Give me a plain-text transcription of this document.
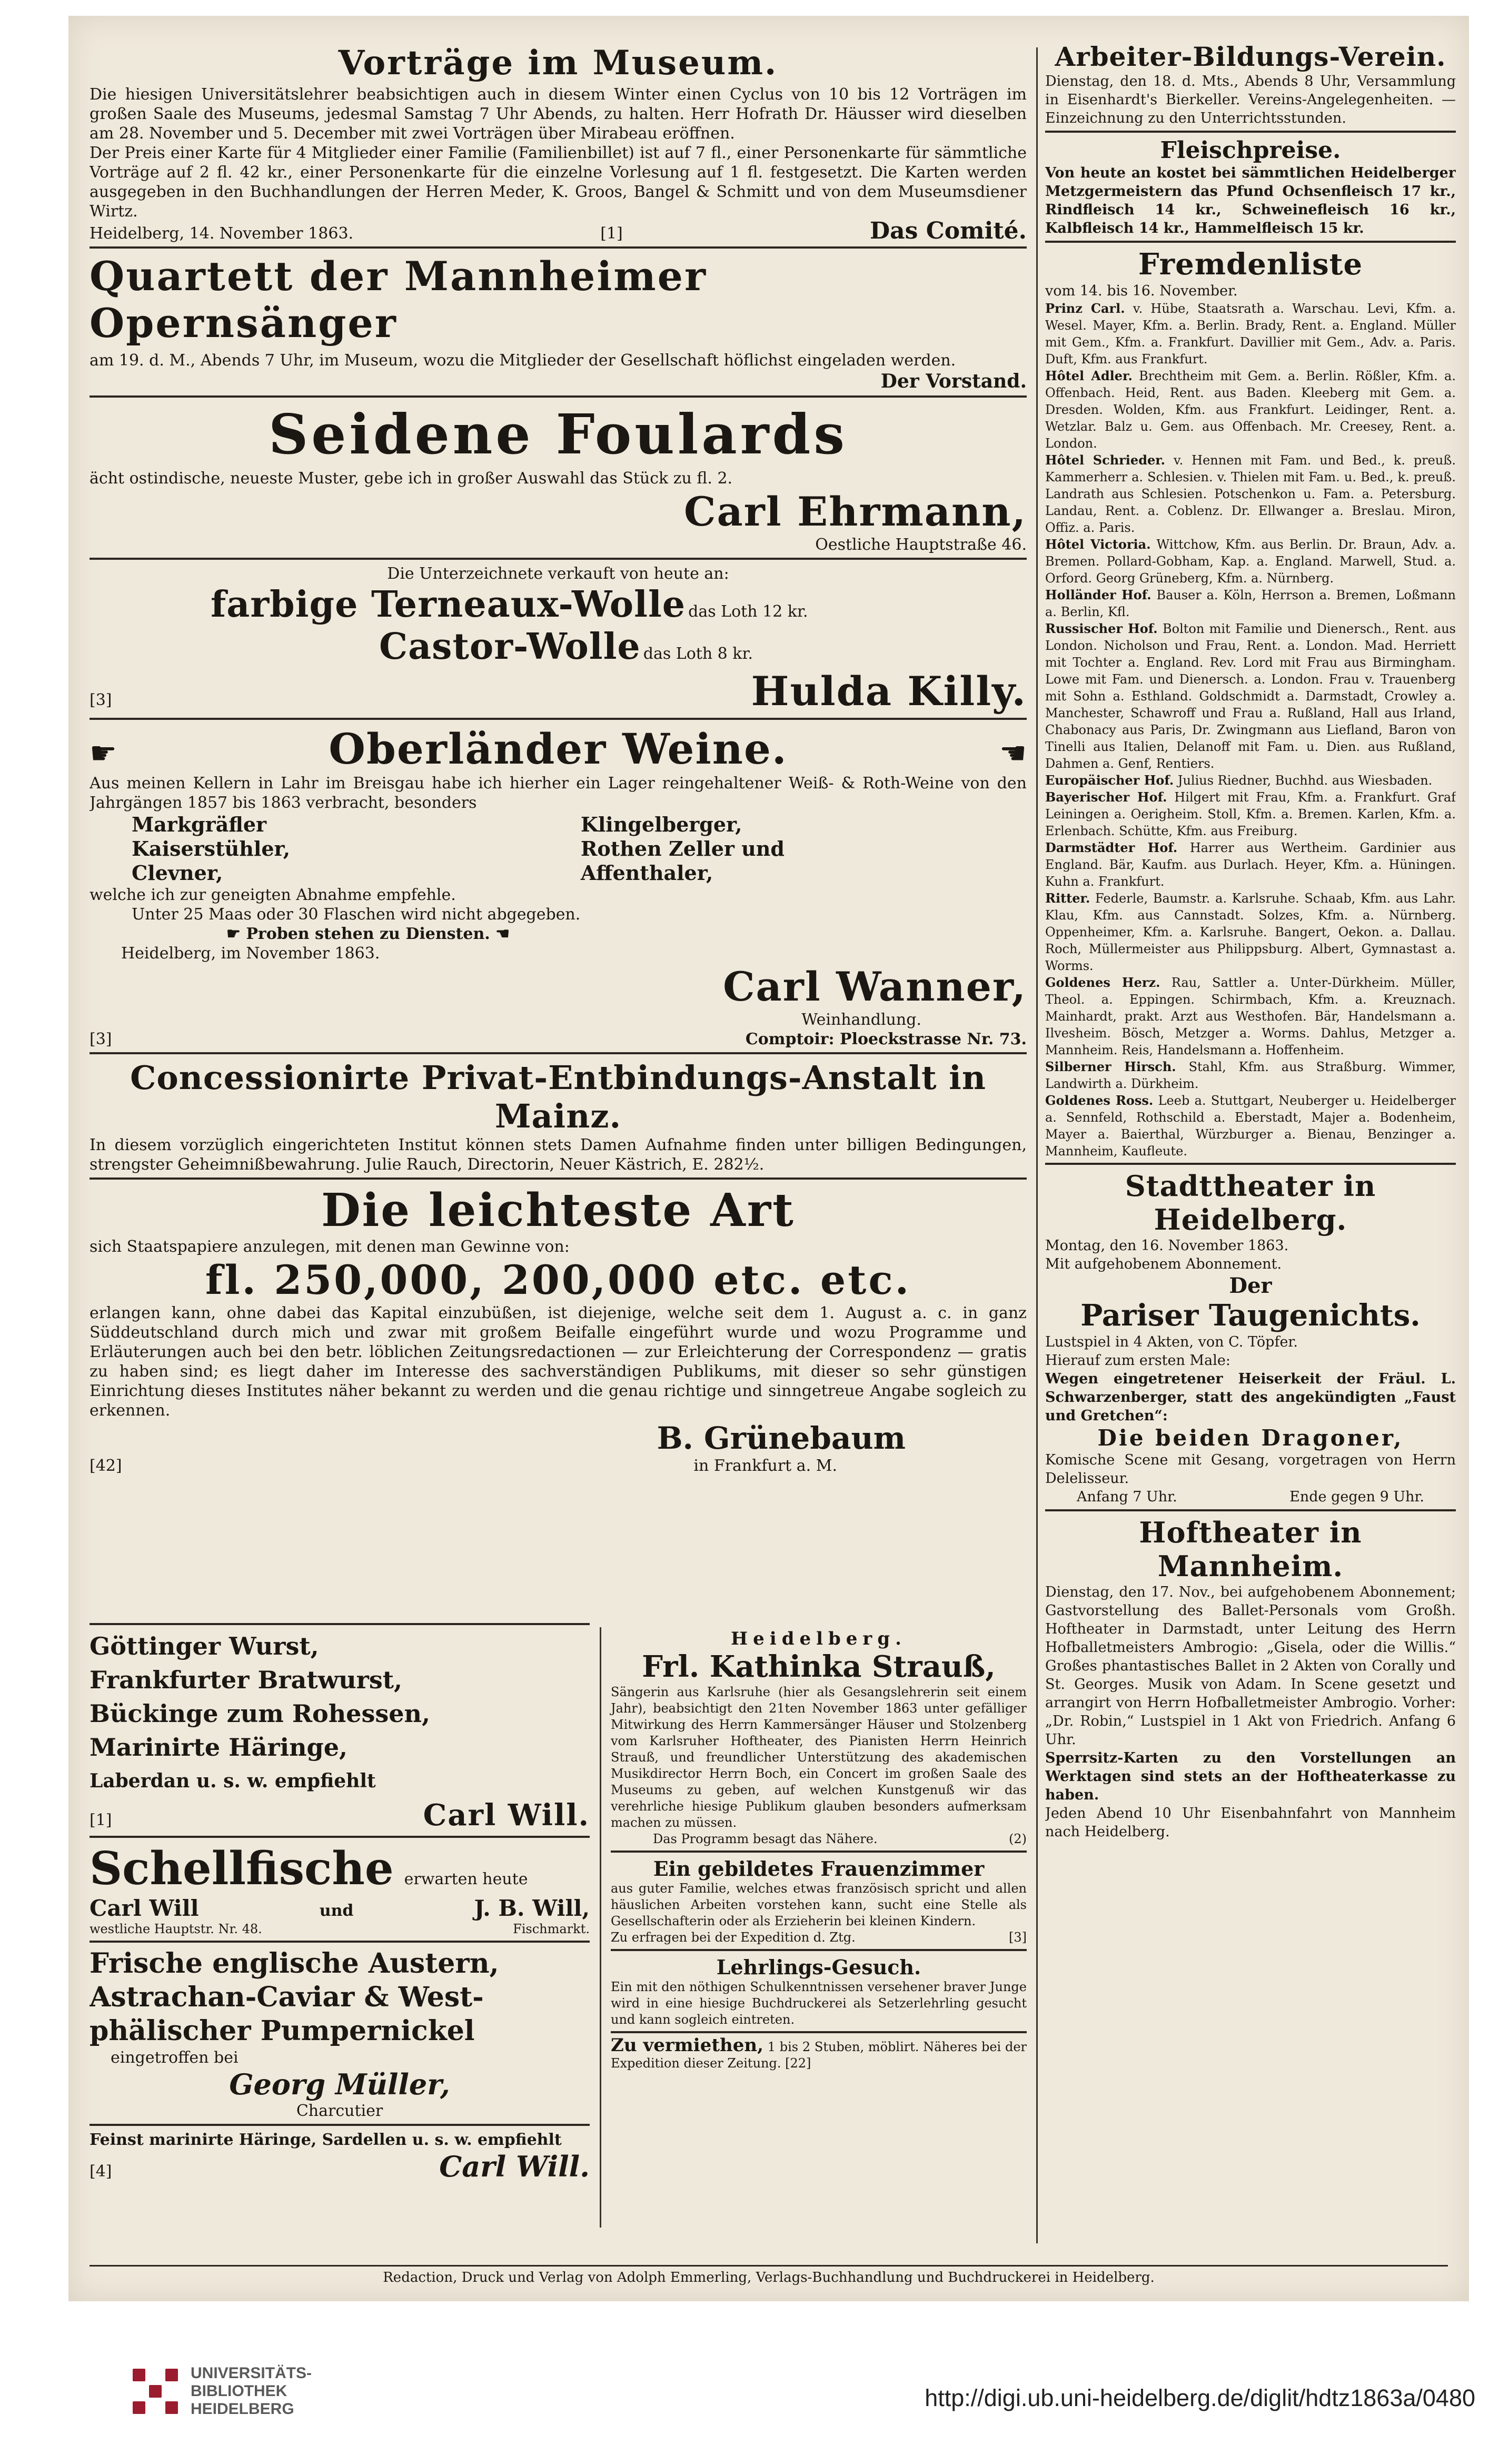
Vorträge im Museum.

Die hiesigen Universitätslehrer beabsichtigen auch in diesem Winter einen Cyclus von 10 bis 12 Vorträgen im großen Saale des Museums, jedesmal Samstag 7 Uhr Abends, zu halten. Herr Hofrath Dr. Häusser wird dieselben am 28. November und 5. December mit zwei Vorträgen über Mirabeau eröffnen.

Der Preis einer Karte für 4 Mitglieder einer Familie (Familienbillet) ist auf 7 fl., einer Personenkarte für sämmtliche Vorträge auf 2 fl. 42 kr., einer Personenkarte für die einzelne Vorlesung auf 1 fl. festgesetzt. Die Karten werden ausgegeben in den Buchhandlungen der Herren Meder, K. Groos, Bangel & Schmitt und von dem Museumsdiener Wirtz.

Heidelberg, 14. November 1863.	[1]	Das Comité.
Quartett der Mannheimer Opernsänger

am 19. d. M., Abends 7 Uhr, im Museum, wozu die Mitglieder der Gesellschaft höflichst eingeladen werden.

Der Vorstand.

Seidene Foulards

ächt ostindische, neueste Muster, gebe ich in großer Auswahl das Stück zu fl. 2.

Carl Ehrmann,

Oestliche Hauptstraße 46.

Die Unterzeichnete verkauft von heute an:

farbige Terneaux-Wolle das Loth 12 kr.
Castor-Wolle das Loth 8 kr.
[3]	Hulda Killy.
☛	Oberländer Weine.	☚

Aus meinen Kellern in Lahr im Breisgau habe ich hierher ein Lager reingehaltener Weiß- & Roth-Weine von den Jahrgängen 1857 bis 1863 verbracht, besonders

Markgräfler
Kaiserstühler,
Clevner,
Klingelberger,
Rothen Zeller und
Affenthaler,

welche ich zur geneigten Abnahme empfehle.

Unter 25 Maas oder 30 Flaschen wird nicht abgegeben.

☛ Proben stehen zu Diensten. ☚

Heidelberg, im November 1863.

Carl Wanner,

Weinhandlung.

[3]	Comptoir: Ploeckstrasse Nr. 73.
Concessionirte Privat-Entbindungs-Anstalt in Mainz.

In diesem vorzüglich eingerichteten Institut können stets Damen Aufnahme finden unter billigen Bedingungen, strengster Geheimnißbewahrung. Julie Rauch, Directorin, Neuer Kästrich, E. 282½.

Die leichteste Art

sich Staatspapiere anzulegen, mit denen man Gewinne von:

fl. 250,000, 200,000 etc. etc.

erlangen kann, ohne dabei das Kapital einzubüßen, ist diejenige, welche seit dem 1. August a. c. in ganz Süddeutschland durch mich und zwar mit großem Beifalle eingeführt wurde und wozu Programme und Erläuterungen auch bei den betr. löblichen Zeitungsredactionen — zur Erleichterung der Correspondenz — gratis zu haben sind; es liegt daher im Interesse des sachverständigen Publikums, mit dieser so sehr günstigen Einrichtung dieses Institutes näher bekannt zu werden und die genau richtige und sinngetreue Angabe sogleich zu erkennen.

B. Grünebaum

[42]	in Frankfurt a. M.
Göttinger Wurst,
Frankfurter Bratwurst,
Bückinge zum Rohessen,
Marinirte Häringe,
Laberdan u. s. w. empfiehlt
[1]	Carl Will.
Schellfische erwarten heute
Carl Will	und	J. B. Will,
westliche Hauptstr. Nr. 48.	Fischmarkt.
Frische englische Austern,
Astrachan-Caviar & West-
phälischer Pumpernickel

eingetroffen bei

Georg Müller,

Charcutier

Feinst marinirte Häringe, Sardellen u. s. w. empfiehlt

[4]	Carl Will.

Heidelberg.

Frl. Kathinka Strauß,

Sängerin aus Karlsruhe (hier als Gesangslehrerin seit einem Jahr), beabsichtigt den 21ten November 1863 unter gefälliger Mitwirkung des Herrn Kammersänger Häuser und Stolzenberg vom Karlsruher Hoftheater, des Pianisten Herrn Heinrich Strauß, und freundlicher Unterstützung des akademischen Musikdirector Herrn Boch, ein Concert im großen Saale des Museums zu geben, auf welchen Kunstgenuß wir das verehrliche hiesige Publikum glauben besonders aufmerksam machen zu müssen.

Das Programm besagt das Nähere.	(2)

Ein gebildetes Frauenzimmer

aus guter Familie, welches etwas französisch spricht und allen häuslichen Arbeiten vorstehen kann, sucht eine Stelle als Gesellschafterin oder als Erzieherin bei kleinen Kindern.

Zu erfragen bei der Expedition d. Ztg.	[3]

Lehrlings-Gesuch.

Ein mit den nöthigen Schulkenntnissen versehener braver Junge wird in eine hiesige Buchdruckerei als Setzerlehrling gesucht und kann sogleich eintreten.

Zu vermiethen, 1 bis 2 Stuben, möblirt. Näheres bei der Expedition dieser Zeitung. [22]

Arbeiter-Bildungs-Verein.

Dienstag, den 18. d. Mts., Abends 8 Uhr, Versammlung in Eisenhardt's Bierkeller. Vereins-Angelegenheiten. — Einzeichnung zu den Unterrichtsstunden.

Fleischpreise.

Von heute an kostet bei sämmtlichen Heidelberger Metzgermeistern das Pfund Ochsenfleisch 17 kr., Rindfleisch 14 kr., Schweinefleisch 16 kr., Kalbfleisch 14 kr., Hammelfleisch 15 kr.

Fremdenliste

vom 14. bis 16. November.

Prinz Carl. v. Hübe, Staatsrath a. Warschau. Levi, Kfm. a. Wesel. Mayer, Kfm. a. Berlin. Brady, Rent. a. England. Müller mit Gem., Kfm. a. Frankfurt. Davillier mit Gem., Adv. a. Paris. Duft, Kfm. aus Frankfurt.

Hôtel Adler. Brechtheim mit Gem. a. Berlin. Rößler, Kfm. a. Offenbach. Heid, Rent. aus Baden. Kleeberg mit Gem. a. Dresden. Wolden, Kfm. aus Frankfurt. Leidinger, Rent. a. Wetzlar. Balz u. Gem. aus Offenbach. Mr. Creesey, Rent. a. London.

Hôtel Schrieder. v. Hennen mit Fam. und Bed., k. preuß. Kammerherr a. Schlesien. v. Thielen mit Fam. u. Bed., k. preuß. Landrath aus Schlesien. Potschenkon u. Fam. a. Petersburg. Landau, Rent. a. Coblenz. Dr. Ellwanger a. Breslau. Miron, Offiz. a. Paris.

Hôtel Victoria. Wittchow, Kfm. aus Berlin. Dr. Braun, Adv. a. Bremen. Pollard-Gobham, Kap. a. England. Marwell, Stud. a. Orford. Georg Grüneberg, Kfm. a. Nürnberg.

Holländer Hof. Bauser a. Köln, Herrson a. Bremen, Loßmann a. Berlin, Kfl.

Russischer Hof. Bolton mit Familie und Dienersch., Rent. aus London. Nicholson und Frau, Rent. a. London. Mad. Herriett mit Tochter a. England. Rev. Lord mit Frau aus Birmingham. Lowe mit Fam. und Dienersch. a. London. Frau v. Trauenberg mit Sohn a. Esthland. Goldschmidt a. Darmstadt, Crowley a. Manchester, Schawroff und Frau a. Rußland, Hall aus Irland, Chabonacy aus Paris, Dr. Zwingmann aus Liefland, Baron von Tinelli aus Italien, Delanoff mit Fam. u. Dien. aus Rußland, Dahmen a. Genf, Rentiers.

Europäischer Hof. Julius Riedner, Buchhd. aus Wiesbaden.

Bayerischer Hof. Hilgert mit Frau, Kfm. a. Frankfurt. Graf Leiningen a. Oerigheim. Stoll, Kfm. a. Bremen. Karlen, Kfm. a. Erlenbach. Schütte, Kfm. aus Freiburg.

Darmstädter Hof. Harrer aus Wertheim. Gardinier aus England. Bär, Kaufm. aus Durlach. Heyer, Kfm. a. Hüningen. Kuhn a. Frankfurt.

Ritter. Federle, Baumstr. a. Karlsruhe. Schaab, Kfm. aus Lahr. Klau, Kfm. aus Cannstadt. Solzes, Kfm. a. Nürnberg. Oppenheimer, Kfm. a. Karlsruhe. Bangert, Oekon. a. Dallau. Roch, Müllermeister aus Philippsburg. Albert, Gymnastast a. Worms.

Goldenes Herz. Rau, Sattler a. Unter-Dürkheim. Müller, Theol. a. Eppingen. Schirmbach, Kfm. a. Kreuznach. Mainhardt, prakt. Arzt aus Westhofen. Bär, Handelsmann a. Ilvesheim. Bösch, Metzger a. Worms. Dahlus, Metzger a. Mannheim. Reis, Handelsmann a. Hoffenheim.

Silberner Hirsch. Stahl, Kfm. aus Straßburg. Wimmer, Landwirth a. Dürkheim.

Goldenes Ross. Leeb a. Stuttgart, Neuberger u. Heidelberger a. Sennfeld, Rothschild a. Eberstadt, Majer a. Bodenheim, Mayer a. Baierthal, Würzburger a. Bienau, Benzinger a. Mannheim, Kaufleute.

Stadttheater in Heidelberg.

Montag, den 16. November 1863.

Mit aufgehobenem Abonnement.

Der

Pariser Taugenichts.

Lustspiel in 4 Akten, von C. Töpfer.

Hierauf zum ersten Male:

Wegen eingetretener Heiserkeit der Fräul. L. Schwarzenberger, statt des angekündigten „Faust und Gretchen“:

Die beiden Dragoner,

Komische Scene mit Gesang, vorgetragen von Herrn Delelisseur.

Anfang 7 Uhr.	Ende gegen 9 Uhr.
Hoftheater in Mannheim.

Dienstag, den 17. Nov., bei aufgehobenem Abonnement; Gastvorstellung des Ballet-Personals vom Großh. Hoftheater in Darmstadt, unter Leitung des Herrn Hofballetmeisters Ambrogio: „Gisela, oder die Willis.“ Großes phantastisches Ballet in 2 Akten von Corally und St. Georges. Musik von Adam. In Scene gesetzt und arrangirt von Herrn Hofballetmeister Ambrogio. Vorher: „Dr. Robin,“ Lustspiel in 1 Akt von Friedrich. Anfang 6 Uhr.

Sperrsitz-Karten zu den Vorstellungen an Werktagen sind stets an der Hoftheaterkasse zu haben.

Jeden Abend 10 Uhr Eisenbahnfahrt von Mannheim nach Heidelberg.

Redaction, Druck und Verlag von Adolph Emmerling, Verlags-Buchhandlung und Buchdruckerei in Heidelberg.
UNIVERSITÄTS-
BIBLIOTHEK
HEIDELBERG	http://digi.ub.uni-heidelberg.de/diglit/hdtz1863a/0480
